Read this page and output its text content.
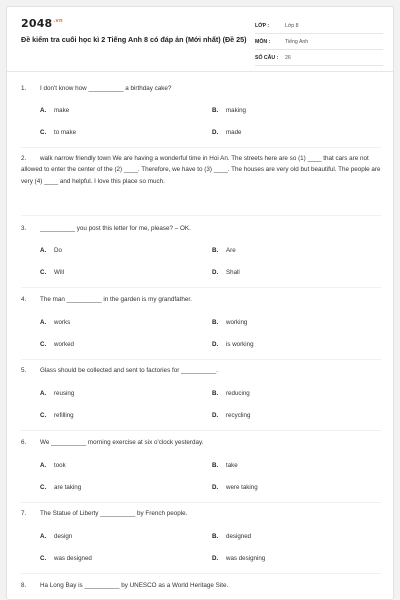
$2048^{.vn}$
Đề kiểm tra cuối học kì 2 Tiếng Anh 8 có đáp án (Mới nhất) (Đề 25)
LỚP :	Lớp 8
MÔN :	Tiếng Anh
SỐ CÂU : 26
1. I don't know how __________ a birthday cake?
A. make	B. making
C. to make	D. made
2. walk narrow friendly town We are having a wonderful time in Hoi An. The streets here are so (1) ____ that cars are not allowed to enter the center of the (2) ____. Therefore, we have to (3) ____. The houses are very old but beautiful. The people are very (4) ____ and helpful. I love this place so much.
3. __________ you post this letter for me, please? – OK.
A. Do	B. Are
C. Will	D. Shall
4. The man __________ in the garden is my grandfather.
A. works	B. working
C. worked	D. is working
5. Glass should be collected and sent to factories for __________.
A. reusing	B. reducing
C. refilling	D. recycling
6. We __________ morning exercise at six o'clock yesterday.
A. took	B. take
C. are taking	D. were taking
7. The Statue of Liberty __________ by French people.
A. design	B. designed
C. was designed	D. was designing
8. Ha Long Bay is __________ by UNESCO as a World Heritage Site.
